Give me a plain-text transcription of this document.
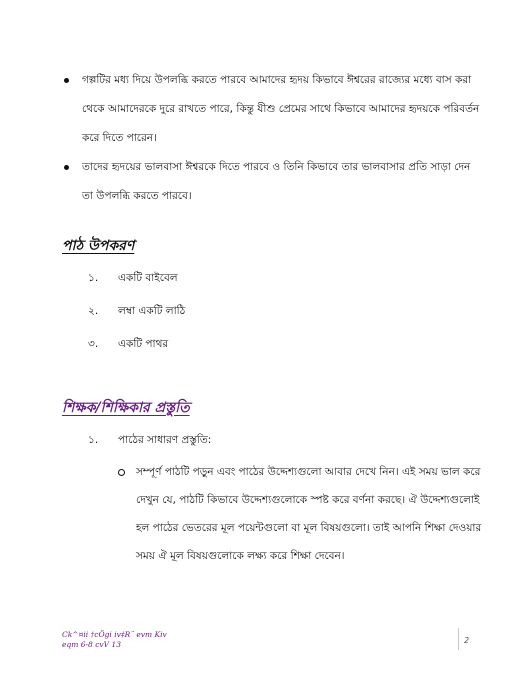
গল্পটির মধ্য দিয়ে উপলব্ধি করতে পারবে আমাদের হৃদয় কিভাবে ঈশ্বরের রাজ্যের মধ্যে বাস করা থেকে আমাদেরকে দুরে রাখতে পারে, কিন্তু যীশু প্রেমের সাথে কিভাবে আমাদের হৃদয়কে পরিবর্তন করে দিতে পারেন।
তাদের হৃদয়ের ভালবাসা ঈশ্বরকে দিতে পারবে ও তিনি কিভাবে তার ভালবাসার প্রতি সাড়া দেন তা উপলব্ধি করতে পারবে।
পাঠ উপকরণ
১.	একটি বাইবেল
২.	লম্বা একটি লাঠি
৩.	একটি পাথর
শিক্ষক/শিক্ষিকার প্রস্তুতি
১.	পাঠের সাধারণ প্রস্তুতি:
সম্পূর্ণ পাঠটি পড়ুন এবং পাঠের উদ্দেশ্যগুলো আবার দেখে নিন। এই সময় ভাল করে দেখুন যে, পাঠটি কিভাবে উদ্দেশ্যগুলোকে স্পষ্ট করে বর্ণনা করছে। ঐ উদ্দেশ্যগুলোই হল পাঠের ভেতরের মূল পয়েন্টগুলো বা মূল বিষয়গুলো। তাই আপনি শিক্ষা দেওয়ার সময় ঐ মূল বিষয়গুলোকে লক্ষ্য করে শিক্ষা দেবেন।
Ck^¤ii †cÖgi iv‡R¨ evm Kiv
eqm 6-8 cvV 13	2
